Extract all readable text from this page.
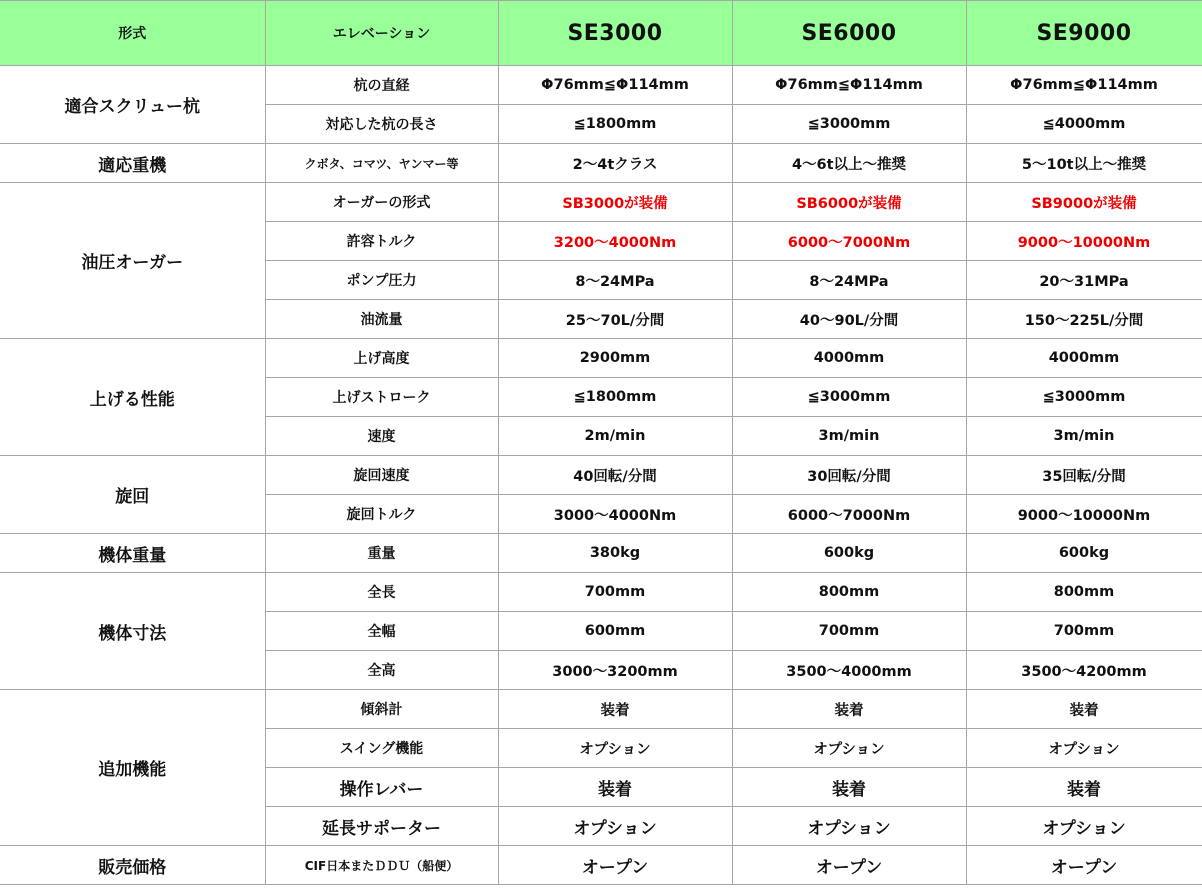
形式	エレベーション	SE3000	SE6000	SE9000
適合スクリュー杭	杭の直経	Φ76mm≦Φ114mm	Φ76mm≦Φ114mm	Φ76mm≦Φ114mm
	対応した杭の長さ	≦1800mm	≦3000mm	≦4000mm
適応重機	クボタ、コマツ、ヤンマー等	2〜4tクラス	4〜6t以上〜推奨	5〜10t以上〜推奨
油圧オーガー	オーガーの形式	SB3000が装備	SB6000が装備	SB9000が装備
	許容トルク	3200〜4000Nm	6000〜7000Nm	9000〜10000Nm
	ポンプ圧力	8〜24MPa	8〜24MPa	20〜31MPa
	油流量	25〜70L/分間	40〜90L/分間	150〜225L/分間
上げる性能	上げ高度	2900mm	4000mm	4000mm
	上げストローク	≦1800mm	≦3000mm	≦3000mm
	速度	2m/min	3m/min	3m/min
旋回	旋回速度	40回転/分間	30回転/分間	35回転/分間
	旋回トルク	3000〜4000Nm	6000〜7000Nm	9000〜10000Nm
機体重量	重量	380kg	600kg	600kg
機体寸法	全長	700mm	800mm	800mm
	全幅	600mm	700mm	700mm
	全高	3000〜3200mm	3500〜4000mm	3500〜4200mm
追加機能	傾斜計	装着	装着	装着
	スイング機能	オプション	オプション	オプション
	操作レバー	装着	装着	装着
	延長サポーター	オプション	オプション	オプション
販売価格	CIF日本またＤＤＵ（船便）	オープン	オープン	オープン
